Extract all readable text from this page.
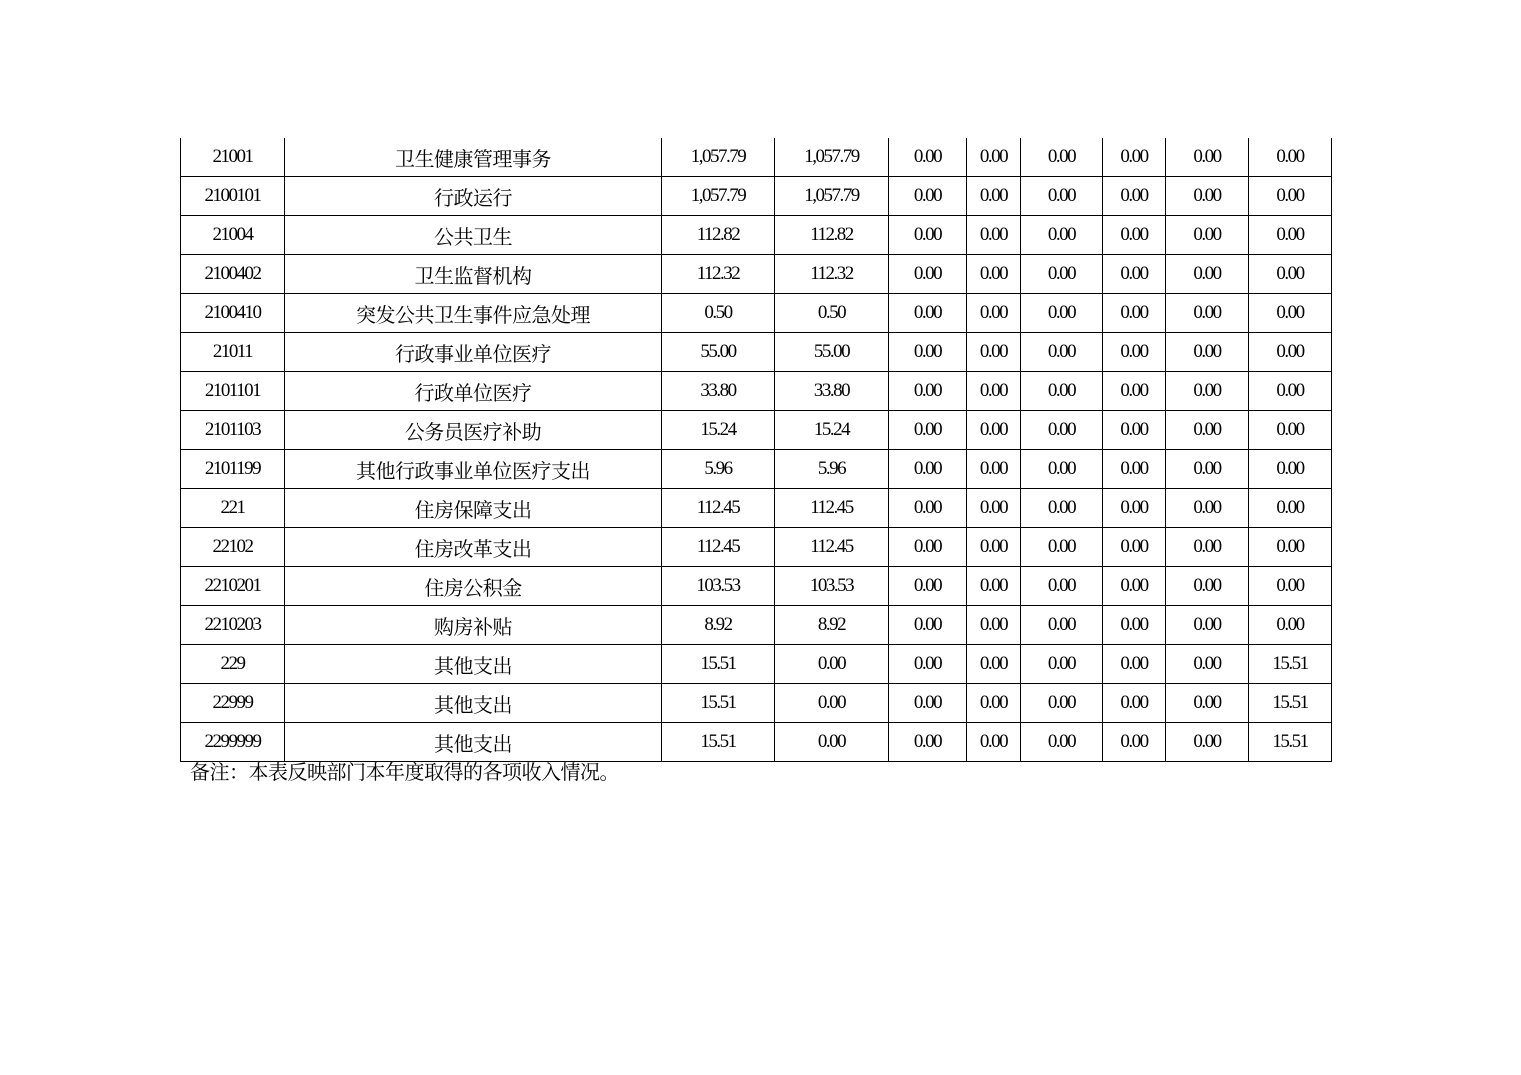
21001	卫生健康管理事务	1,057.79	1,057.79	0.00	0.00	0.00	0.00	0.00	0.00
2100101	行政运行	1,057.79	1,057.79	0.00	0.00	0.00	0.00	0.00	0.00
21004	公共卫生	112.82	112.82	0.00	0.00	0.00	0.00	0.00	0.00
2100402	卫生监督机构	112.32	112.32	0.00	0.00	0.00	0.00	0.00	0.00
2100410	突发公共卫生事件应急处理	0.50	0.50	0.00	0.00	0.00	0.00	0.00	0.00
21011	行政事业单位医疗	55.00	55.00	0.00	0.00	0.00	0.00	0.00	0.00
2101101	行政单位医疗	33.80	33.80	0.00	0.00	0.00	0.00	0.00	0.00
2101103	公务员医疗补助	15.24	15.24	0.00	0.00	0.00	0.00	0.00	0.00
2101199	其他行政事业单位医疗支出	5.96	5.96	0.00	0.00	0.00	0.00	0.00	0.00
221	住房保障支出	112.45	112.45	0.00	0.00	0.00	0.00	0.00	0.00
22102	住房改革支出	112.45	112.45	0.00	0.00	0.00	0.00	0.00	0.00
2210201	住房公积金	103.53	103.53	0.00	0.00	0.00	0.00	0.00	0.00
2210203	购房补贴	8.92	8.92	0.00	0.00	0.00	0.00	0.00	0.00
229	其他支出	15.51	0.00	0.00	0.00	0.00	0.00	0.00	15.51
22999	其他支出	15.51	0.00	0.00	0.00	0.00	0.00	0.00	15.51
2299999	其他支出	15.51	0.00	0.00	0.00	0.00	0.00	0.00	15.51
备注：本表反映部门本年度取得的各项收入情况。
